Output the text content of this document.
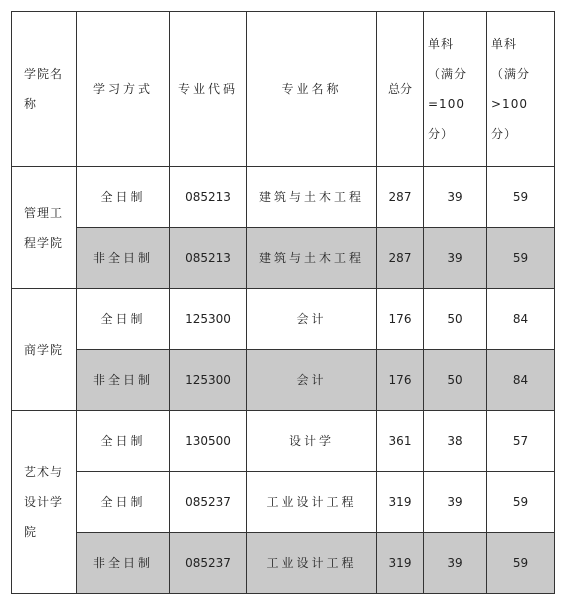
学院名称	学习方式	专业代码	专业名称	总分	单科
（满分
=100
分）	单科
（满分
>100
分）

管理工程学院	全日制	085213	建筑与土木工程	287	39	59
	非全日制	085213	建筑与土木工程	287	39	59
商学院	全日制	125300	会计	176	50	84
	非全日制	125300	会计	176	50	84
艺术与设计学院	全日制	130500	设计学	361	38	57
	全日制	085237	工业设计工程	319	39	59
	非全日制	085237	工业设计工程	319	39	59
